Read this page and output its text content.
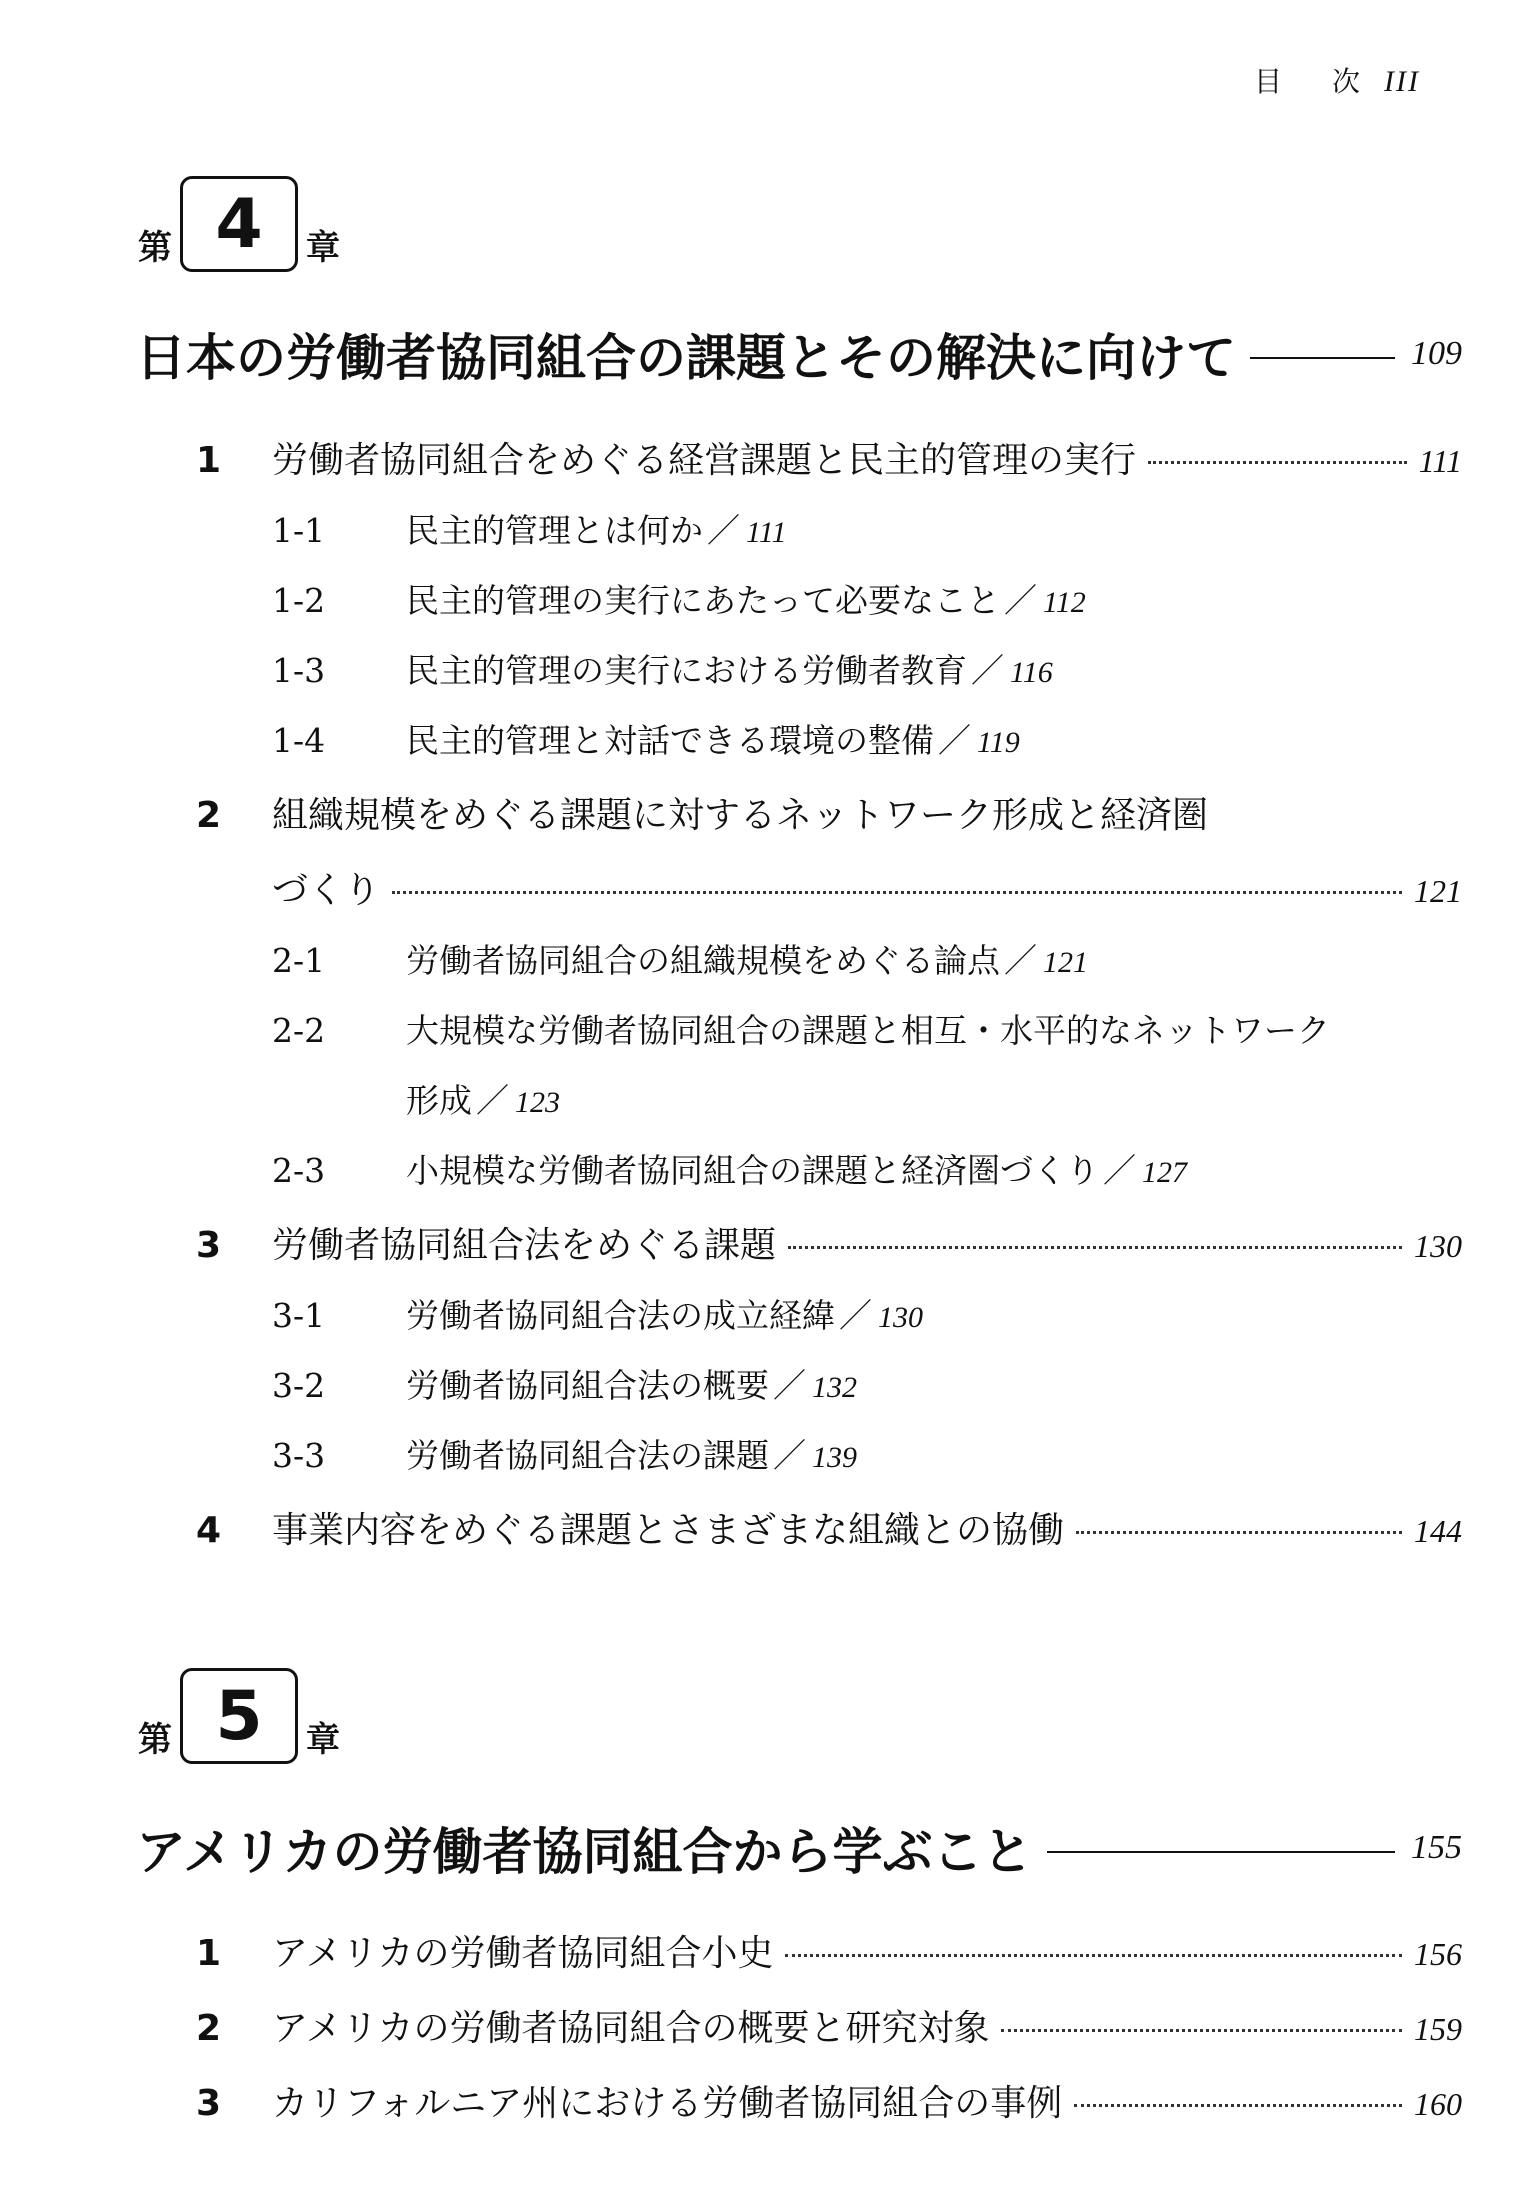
目 次 III
第 4 章
日本の労働者協同組合の課題とその解決に向けて	109
1	労働者協同組合をめぐる経営課題と民主的管理の実行	111
1-1	民主的管理とは何か ／ 111
1-2	民主的管理の実行にあたって必要なこと ／ 112
1-3	民主的管理の実行における労働者教育 ／ 116
1-4	民主的管理と対話できる環境の整備 ／ 119
2	組織規模をめぐる課題に対するネットワーク形成と経済圏
づくり	121
2-1	労働者協同組合の組織規模をめぐる論点 ／ 121
2-2	大規模な労働者協同組合の課題と相互・水平的なネットワーク
形成 ／ 123
2-3	小規模な労働者協同組合の課題と経済圏づくり ／ 127
3	労働者協同組合法をめぐる課題	130
3-1	労働者協同組合法の成立経緯 ／ 130
3-2	労働者協同組合法の概要 ／ 132
3-3	労働者協同組合法の課題 ／ 139
4	事業内容をめぐる課題とさまざまな組織との協働	144
第 5 章
アメリカの労働者協同組合から学ぶこと	155
1	アメリカの労働者協同組合小史	156
2	アメリカの労働者協同組合の概要と研究対象	159
3	カリフォルニア州における労働者協同組合の事例	160
